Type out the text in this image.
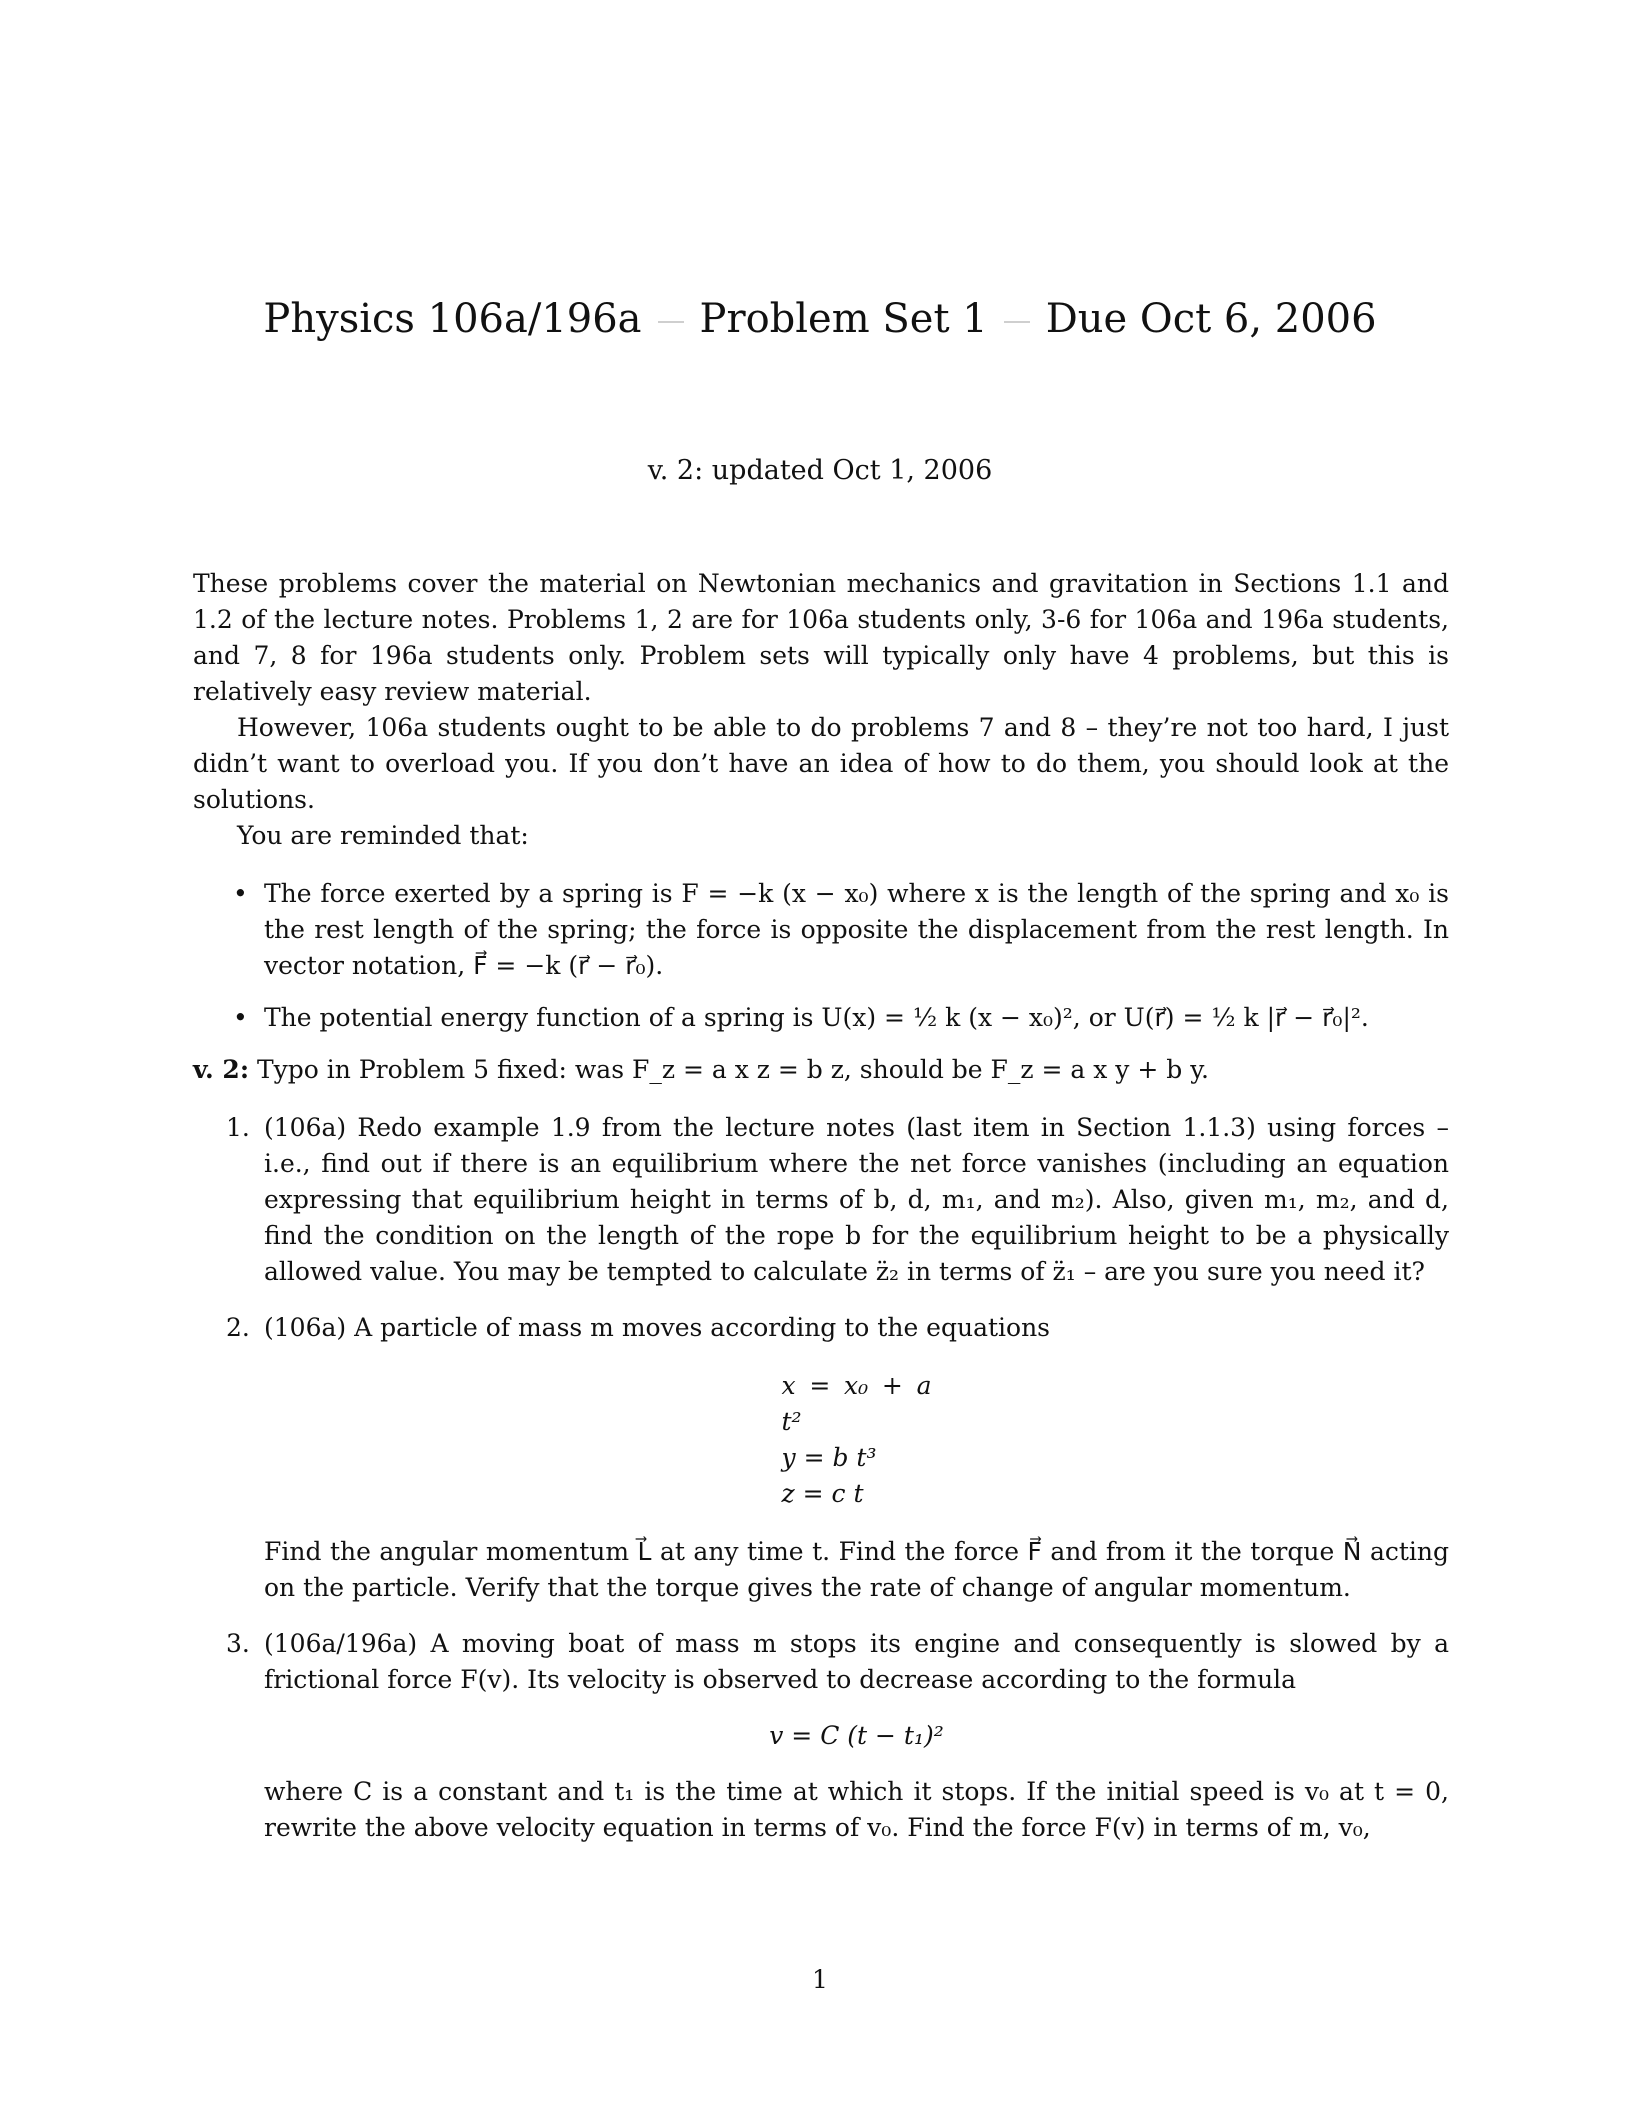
Physics 106a/196a Problem Set 1 Due Oct 6, 2006
v. 2: updated Oct 1, 2006

These problems cover the material on Newtonian mechanics and gravitation in Sections 1.1 and 1.2 of the lecture notes. Problems 1, 2 are for 106a students only, 3-6 for 106a and 196a students, and 7, 8 for 196a students only. Problem sets will typically only have 4 problems, but this is relatively easy review material.

However, 106a students ought to be able to do problems 7 and 8 – they’re not too hard, I just didn’t want to overload you. If you don’t have an idea of how to do them, you should look at the solutions.

You are reminded that:

• The force exerted by a spring is F = −k (x − x₀) where x is the length of the spring and x₀ is the rest length of the spring; the force is opposite the displacement from the rest length. In vector notation, F⃗ = −k (r⃗ − r⃗₀).
• The potential energy function of a spring is U(x) = ½ k (x − x₀)², or U(r⃗) = ½ k |r⃗ − r⃗₀|².

v. 2: Typo in Problem 5 fixed: was F_z = a x z = b z, should be F_z = a x y + b y.

1. (106a) Redo example 1.9 from the lecture notes (last item in Section 1.1.3) using forces – i.e., find out if there is an equilibrium where the net force vanishes (including an equation expressing that equilibrium height in terms of b, d, m₁, and m₂). Also, given m₁, m₂, and d, find the condition on the length of the rope b for the equilibrium height to be a physically allowed value. You may be tempted to calculate z̈₂ in terms of z̈₁ – are you sure you need it?
2. (106a) A particle of mass m moves according to the equations
x = x₀ + a t²
y = b t³
z = c t
Find the angular momentum L⃗ at any time t. Find the force F⃗ and from it the torque N⃗ acting on the particle. Verify that the torque gives the rate of change of angular momentum.
3. (106a/196a) A moving boat of mass m stops its engine and consequently is slowed by a frictional force F(v). Its velocity is observed to decrease according to the formula
v = C (t − t₁)²
where C is a constant and t₁ is the time at which it stops. If the initial speed is v₀ at t = 0, rewrite the above velocity equation in terms of v₀. Find the force F(v) in terms of m, v₀,
1
